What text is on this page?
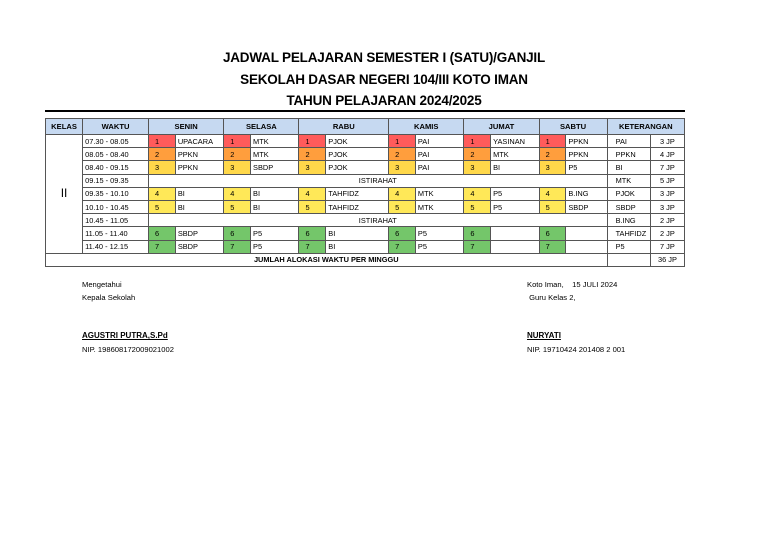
JADWAL PELAJARAN SEMESTER I (SATU)/GANJIL
SEKOLAH DASAR NEGERI 104/III KOTO IMAN
TAHUN PELAJARAN 2024/2025
KELAS	WAKTU	SENIN		SELASA		RABU		KAMIS		JUMAT		SABTU		KETERANGAN	
II	07.30 - 08.05	1	UPACARA	1	MTK	1	PJOK	1	PAI	1	YASINAN	1	PPKN	PAI	3 JP
	08.05 - 08.40	2	PPKN	2	MTK	2	PJOK	2	PAI	2	MTK	2	PPKN	PPKN	4 JP
	08.40 - 09.15	3	PPKN	3	SBDP	3	PJOK	3	PAI	3	BI	3	P5	BI	7 JP
	09.15 - 09.35	ISTIRAHAT												MTK	5 JP
	09.35 - 10.10	4	BI	4	BI	4	TAHFIDZ	4	MTK	4	P5	4	B.ING	PJOK	3 JP
	10.10 - 10.45	5	BI	5	BI	5	TAHFIDZ	5	MTK	5	P5	5	SBDP	SBDP	3 JP
	10.45 - 11.05	ISTIRAHAT												B.ING	2 JP
	11.05 - 11.40	6	SBDP	6	P5	6	BI	6	P5	6		6		TAHFIDZ	2 JP
	11.40 - 12.15	7	SBDP	7	P5	7	BI	7	P5	7		7		P5	7 JP
JUMLAH ALOKASI WAKTU PER MINGGU															36 JP
Mengetahui
Kepala Sekolah
AGUSTRI PUTRA,S.Pd
NIP. 198608172009021002
Koto Iman,    15 JULI 2024
Guru Kelas 2,
NURYATI
NIP. 19710424 201408 2 001
